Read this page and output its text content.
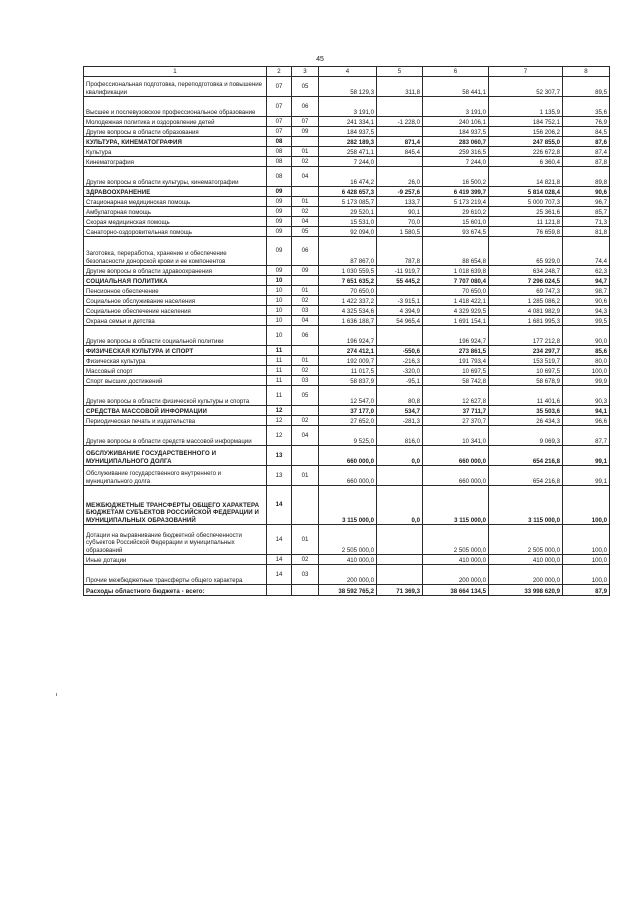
45
1	2	3	4	5	6	7	8
Профессиональная подготовка, переподготовка и повышение квалификации	07	05	58 129,3	311,8	58 441,1	52 307,7	89,5
Высшее и послевузовское профессиональное образование	07	06	3 191,0		3 191,0	1 135,9	35,6
Молодежная политика и оздоровление детей	07	07	241 334,1	-1 228,0	240 106,1	184 752,1	76,9
Другие вопросы в области образования	07	09	184 937,5		184 937,5	156 206,2	84,5
КУЛЬТУРА, КИНЕМАТОГРАФИЯ	08		282 189,3	871,4	283 060,7	247 855,0	87,6
Культура	08	01	258 471,1	845,4	259 316,5	226 672,8	87,4
Кинематография	08	02	7 244,0		7 244,0	6 360,4	87,8
Другие вопросы в области культуры, кинематографии	08	04	16 474,2	26,0	16 500,2	14 821,8	89,8
ЗДРАВООХРАНЕНИЕ	09		6 428 657,3	-9 257,6	6 419 399,7	5 814 028,4	90,6
Стационарная медицинская помощь	09	01	5 173 085,7	133,7	5 173 219,4	5 000 707,3	96,7
Амбулаторная помощь	09	02	29 520,1	90,1	29 610,2	25 361,6	85,7
Скорая медицинская помощь	09	04	15 531,0	70,0	15 601,0	11 121,8	71,3
Санаторно-оздоровительная помощь	09	05	92 094,0	1 580,5	93 674,5	76 659,8	81,8
Заготовка, переработка, хранение и обеспечение безопасности донорской крови и ее компонентов	09	06	87 867,0	787,8	88 654,8	65 929,0	74,4
Другие вопросы в области здравоохранения	09	09	1 030 559,5	-11 919,7	1 018 639,8	634 248,7	62,3
СОЦИАЛЬНАЯ ПОЛИТИКА	10		7 651 635,2	55 445,2	7 707 080,4	7 296 024,5	94,7
Пенсионное обеспечение	10	01	70 650,0		70 650,0	69 747,3	98,7
Социальное обслуживание населения	10	02	1 422 337,2	-3 915,1	1 418 422,1	1 285 086,2	90,6
Социальное обеспечение населения	10	03	4 325 534,6	4 394,9	4 329 929,5	4 081 982,9	94,3
Охрана семьи и детства	10	04	1 636 188,7	54 965,4	1 691 154,1	1 681 995,3	99,5
Другие вопросы в области социальной политики	10	06	196 924,7		196 924,7	177 212,8	90,0
ФИЗИЧЕСКАЯ КУЛЬТУРА И СПОРТ	11		274 412,1	-550,6	273 861,5	234 297,7	85,6
Физическая культура	11	01	192 009,7	-216,3	191 793,4	153 519,7	80,0
Массовый спорт	11	02	11 017,5	-320,0	10 697,5	10 697,5	100,0
Спорт высших достижений	11	03	58 837,9	-95,1	58 742,8	58 678,9	99,9
Другие вопросы в области физической культуры и спорта	11	05	12 547,0	80,8	12 627,8	11 401,6	90,3
СРЕДСТВА МАССОВОЙ ИНФОРМАЦИИ	12		37 177,0	534,7	37 711,7	35 503,6	94,1
Периодическая печать и издательства	12	02	27 652,0	-281,3	27 370,7	26 434,3	96,6
Другие вопросы в области средств массовой информации	12	04	9 525,0	816,0	10 341,0	9 069,3	87,7
ОБСЛУЖИВАНИЕ ГОСУДАРСТВЕННОГО И МУНИЦИПАЛЬНОГО ДОЛГА	13		660 000,0	0,0	660 000,0	654 216,8	99,1
Обслуживание государственного внутреннего и муниципального долга	13	01	660 000,0		660 000,0	654 216,8	99,1
МЕЖБЮДЖЕТНЫЕ ТРАНСФЕРТЫ ОБЩЕГО ХАРАКТЕРА БЮДЖЕТАМ СУБЪЕКТОВ РОССИЙСКОЙ ФЕДЕРАЦИИ И МУНИЦИПАЛЬНЫХ ОБРАЗОВАНИЙ	14		3 115 000,0	0,0	3 115 000,0	3 115 000,0	100,0
Дотации на выравнивание бюджетной обеспеченности субъектов Российской Федерации и муниципальных образований	14	01	2 505 000,0		2 505 000,0	2 505 000,0	100,0
Иные дотации	14	02	410 000,0		410 000,0	410 000,0	100,0
Прочие межбюджетные трансферты общего характера	14	03	200 000,0		200 000,0	200 000,0	100,0
Расходы областного бюджета - всего:			38 592 765,2	71 369,3	38 664 134,5	33 998 620,9	87,9
